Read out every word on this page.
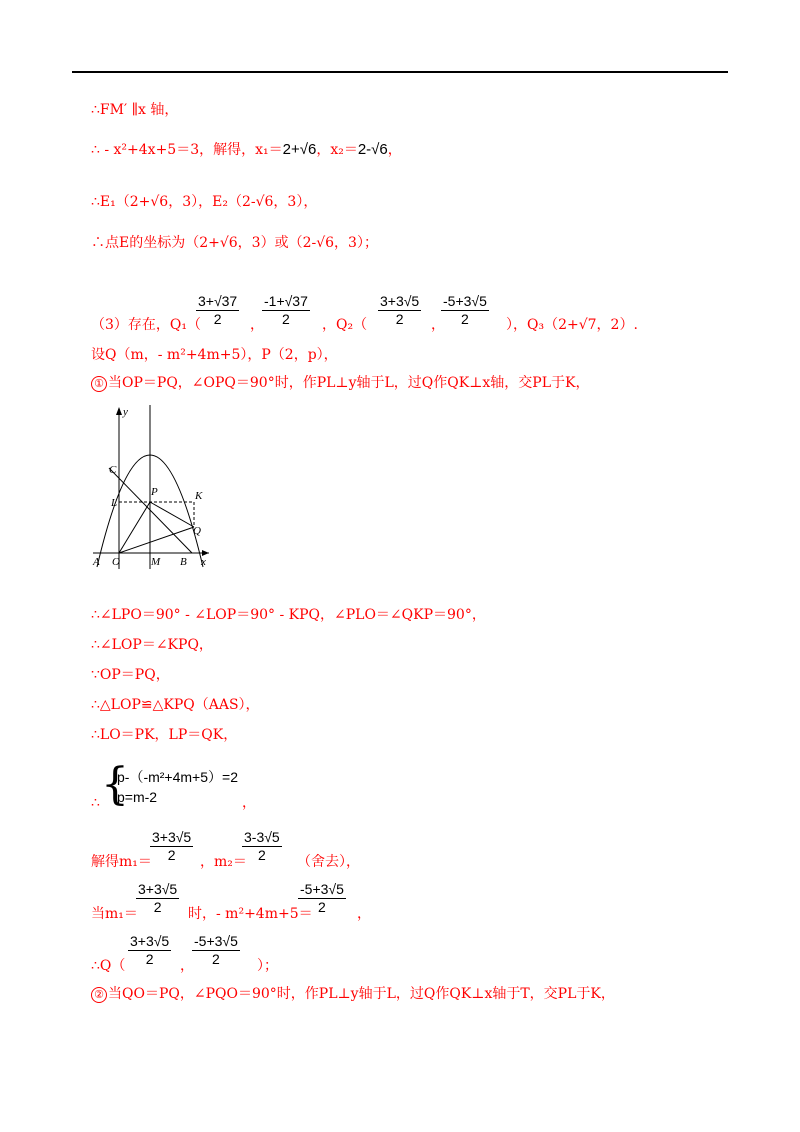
∴FM′ ∥x 轴，
∴ - x²+4x+5＝3，解得，x₁＝2+√6，x₂＝2-√6，
∴E₁（2+√6，3），E₂（2-√6，3），
∴点E的坐标为（2+√6，3）或（2-√6，3）；
（3）存在，Q₁（
$\frac{3+√37}{2}$ ，
$\frac{-1+√37}{2}$ ，$Q_2( \frac{3+3√5}{2}$ ，
$\frac{-5+3√5}{2}$ ），Q₃（2+√7，2）.
设Q（m，- m²+4m+5），P（2，p），
① 当OP＝PQ，∠OPQ＝90°时，作PL⊥y轴于L，过Q作QK⊥x轴，交PL于K，
y
x
C
P	K
L
Q
A O	M B
∴∠LPO＝90° - ∠LOP＝90° - KPQ，∠PLO＝∠QKP＝90°，
∴∠LOP＝∠KPQ，
∵OP＝PQ，
∴△LOP≌△KPQ（AAS），
∴LO＝PK，LP＝QK，
∴ {
p-（-m²+4m+5）=2
p=m-2	，
解得m₁＝
$\frac{3+3√5}{2}$ ，m₂＝
$\frac{3-3√5}{2}$ （舍去），
当m₁＝
$\frac{3+3√5}{2}$ 时，- m²+4m+5＝
$\frac{-5+3√5}{2}$ ，
∴Q（ $\frac{3+3√5}{2}$ ，
$\frac{-5+3√5}{2}$ ）；
② 当QO＝PQ，∠PQO＝90°时，作PL⊥y轴于L，过Q作QK⊥x轴于T，交PL于K，
